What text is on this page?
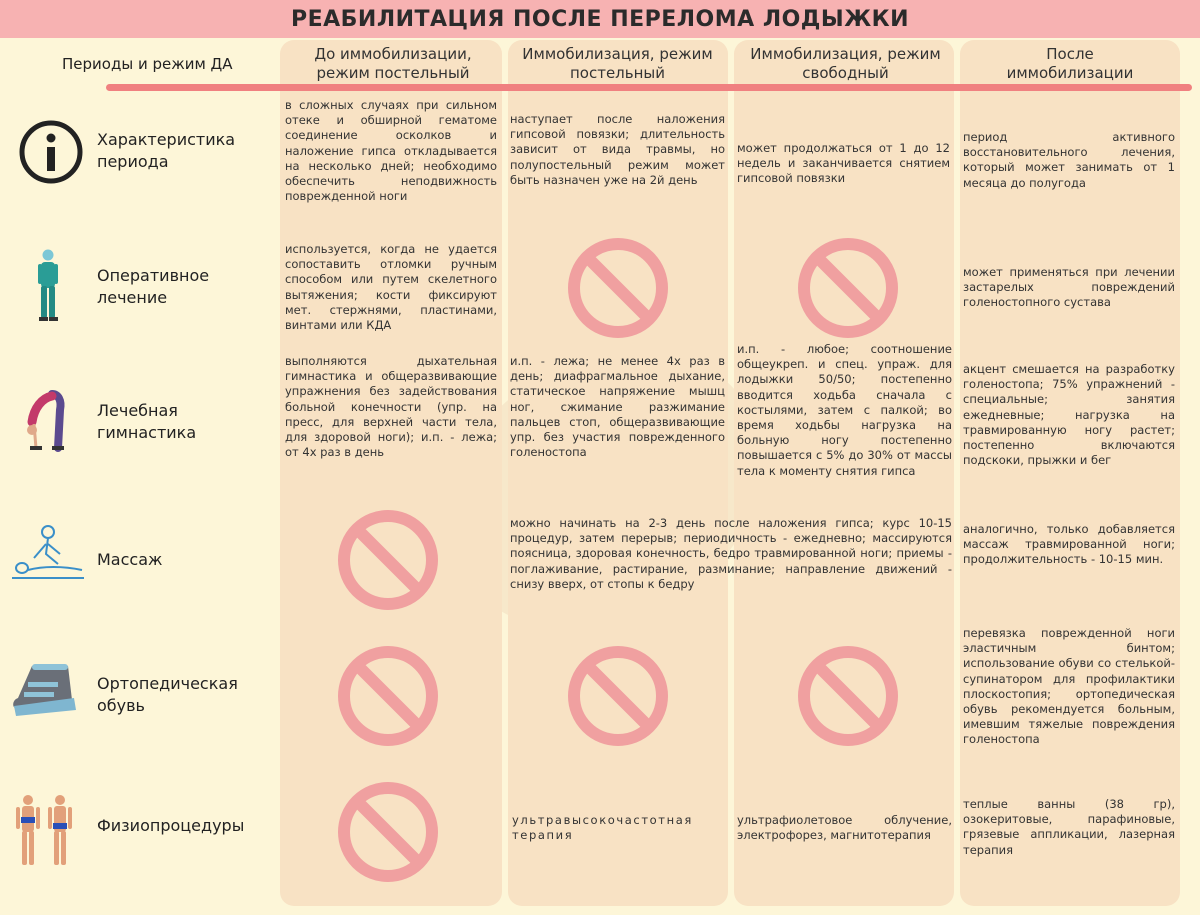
РЕАБИЛИТАЦИЯ ПОСЛЕ ПЕРЕЛОМА ЛОДЫЖКИ
Периоды и режим ДА
До иммобилизации, режим постельный
Иммобилизация, режим постельный
Иммобилизация, режим свободный
После иммобилизации
Характеристика периода
Оперативное лечение
Лечебная гимнастика
Массаж
Ортопедическая обувь
Физиопроцедуры
в сложных случаях при сильном отеке и обширной гематоме соединение осколков и наложение гипса откладывается на несколько дней; необходимо обеспечить неподвижность поврежденной ноги
наступает после наложения гипсовой повязки; длительность зависит от вида травмы, но полупостельный режим может быть назначен уже на 2й день
может продолжаться от 1 до 12 недель и заканчивается снятием гипсовой повязки
период активного восстановительного лечения, который может занимать от 1 месяца до полугода
используется, когда не удается сопоставить отломки ручным способом или путем скелетного вытяжения; кости фиксируют мет. стержнями, пластинами, винтами или КДА
может применяться при лечении застарелых повреждений голеностопного сустава
выполняются дыхательная гимнастика и общеразвивающие упражнения без задействования больной конечности (упр. на пресс, для верхней части тела, для здоровой ноги); и.п. - лежа; от 4х раз в день
и.п. - лежа; не менее 4х раз в день; диафрагмальное дыхание, статическое напряжение мышц ног, сжимание разжимание пальцев стоп, общеразвивающие упр. без участия поврежденного голеностопа
и.п. - любое; соотношение общеукреп. и спец. упраж. для лодыжки 50/50; постепенно вводится ходьба сначала с костылями, затем с палкой; во время ходьбы нагрузка на больную ногу постепенно повышается с 5% до 30% от массы тела к моменту снятия гипса
акцент смешается на разработку голеностопа; 75% упражнений - специальные; занятия ежедневные; нагрузка на травмированную ногу растет; постепенно включаются подскоки, прыжки и бег
можно начинать на 2-3 день после наложения гипса; курс 10-15 процедур, затем перерыв; периодичность - ежедневно; массируются поясница, здоровая конечность, бедро травмированной ноги; приемы - поглаживание, растирание, разминание; направление движений - снизу вверх, от стопы к бедру
аналогично, только добавляется массаж травмированной ноги; продолжительность - 10-15 мин.
перевязка поврежденной ноги эластичным бинтом; использование обуви со стелькой-супинатором для профилактики плоскостопия; ортопедическая обувь рекомендуется больным, имевшим тяжелые повреждения голеностопа
ультравысокочастотная терапия
ультрафиолетовое облучение, электрофорез, магнитотерапия
теплые ванны (38 гр), озокеритовые, парафиновые, грязевые аппликации, лазерная терапия
